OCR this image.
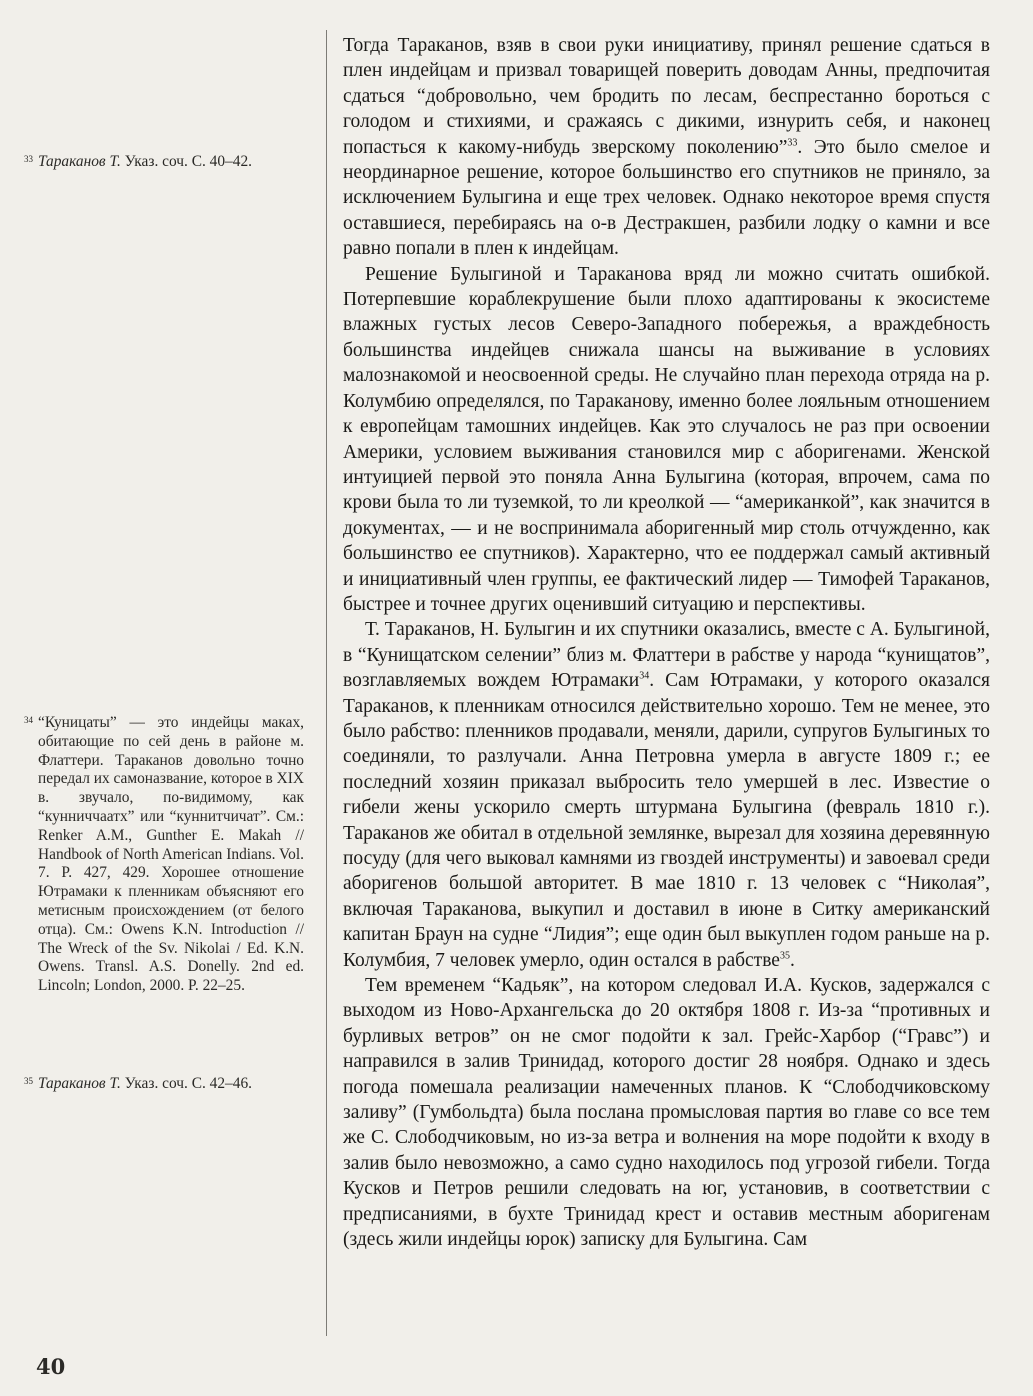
33 Тараканов Т. Указ. соч. С. 40–42.
34 “Куницаты” — это индейцы маках, обитающие по сей день в районе м. Флаттери. Тараканов довольно точно передал их самоназвание, которое в XIX в. звучало, по-видимому, как “кунниччаатх” или “куннитчичат”. См.: Renker A.M., Gunther E. Makah // Handbook of North American Indians. Vol. 7. P. 427, 429. Хорошее отношение Ютрамаки к пленникам объясняют его метисным происхождением (от белого отца). См.: Owens K.N. Introduction // The Wreck of the Sv. Nikolai / Ed. K.N. Owens. Transl. A.S. Donelly. 2nd ed. Lincoln; London, 2000. P. 22–25.
35 Тараканов Т. Указ. соч. С. 42–46.

Тогда Тараканов, взяв в свои руки инициативу, принял решение сдаться в плен индейцам и призвал товарищей поверить доводам Анны, предпочитая сдаться “добровольно, чем бродить по лесам, беспрестанно бороться с голодом и стихиями, и сражаясь с дикими, изнурить себя, и наконец попасться к какому-нибудь зверскому поколению”$^{33}$. Это было смелое и неординарное решение, которое большинство его спутников не приняло, за исключением Булыгина и еще трех человек. Однако некоторое время спустя оставшиеся, перебираясь на о-в Дестракшен, разбили лодку о камни и все равно попали в плен к индейцам.

Решение Булыгиной и Тараканова вряд ли можно считать ошибкой. Потерпевшие кораблекрушение были плохо адаптированы к экосистеме влажных густых лесов Северо-Западного побережья, а враждебность большинства индейцев снижала шансы на выживание в условиях малознакомой и неосвоенной среды. Не случайно план перехода отряда на р. Колумбию определялся, по Тараканову, именно более лояльным отношением к европейцам тамошних индейцев. Как это случалось не раз при освоении Америки, условием выживания становился мир с аборигенами. Женской интуицией первой это поняла Анна Булыгина (которая, впрочем, сама по крови была то ли туземкой, то ли креолкой — “американкой”, как значится в документах, — и не воспринимала аборигенный мир столь отчужденно, как большинство ее спутников). Характерно, что ее поддержал самый активный и инициативный член группы, ее фактический лидер — Тимофей Тараканов, быстрее и точнее других оценивший ситуацию и перспективы.

Т. Тараканов, Н. Булыгин и их спутники оказались, вместе с А. Булыгиной, в “Кунищатском селении” близ м. Флаттери в рабстве у народа “кунищатов”, возглавляемых вождем Ютрамаки$^{34}$. Сам Ютрамаки, у которого оказался Тараканов, к пленникам относился действительно хорошо. Тем не менее, это было рабство: пленников продавали, меняли, дарили, супругов Булыгиных то соединяли, то разлучали. Анна Петровна умерла в августе 1809 г.; ее последний хозяин приказал выбросить тело умершей в лес. Известие о гибели жены ускорило смерть штурмана Булыгина (февраль 1810 г.). Тараканов же обитал в отдельной землянке, вырезал для хозяина деревянную посуду (для чего выковал камнями из гвоздей инструменты) и завоевал среди аборигенов большой авторитет. В мае 1810 г. 13 человек с “Николая”, включая Тараканова, выкупил и доставил в июне в Ситку американский капитан Браун на судне “Лидия”; еще один был выкуплен годом раньше на р. Колумбия, 7 человек умерло, один остался в рабстве$^{35}$.

Тем временем “Кадьяк”, на котором следовал И.А. Кусков, задержался с выходом из Ново-Архангельска до 20 октября 1808 г. Из-за “противных и бурливых ветров” он не смог подойти к зал. Грейс-Харбор (“Гравс”) и направился в залив Тринидад, которого достиг 28 ноября. Однако и здесь погода помешала реализации намеченных планов. К “Слободчиковскому заливу” (Гумбольдта) была послана промысловая партия во главе со все тем же С. Слободчиковым, но из-за ветра и волнения на море подойти к входу в залив было невозможно, а само судно находилось под угрозой гибели. Тогда Кусков и Петров решили следовать на юг, установив, в соответствии с предписаниями, в бухте Тринидад крест и оставив местным аборигенам (здесь жили индейцы юрок) записку для Булыгина. Сам

40
